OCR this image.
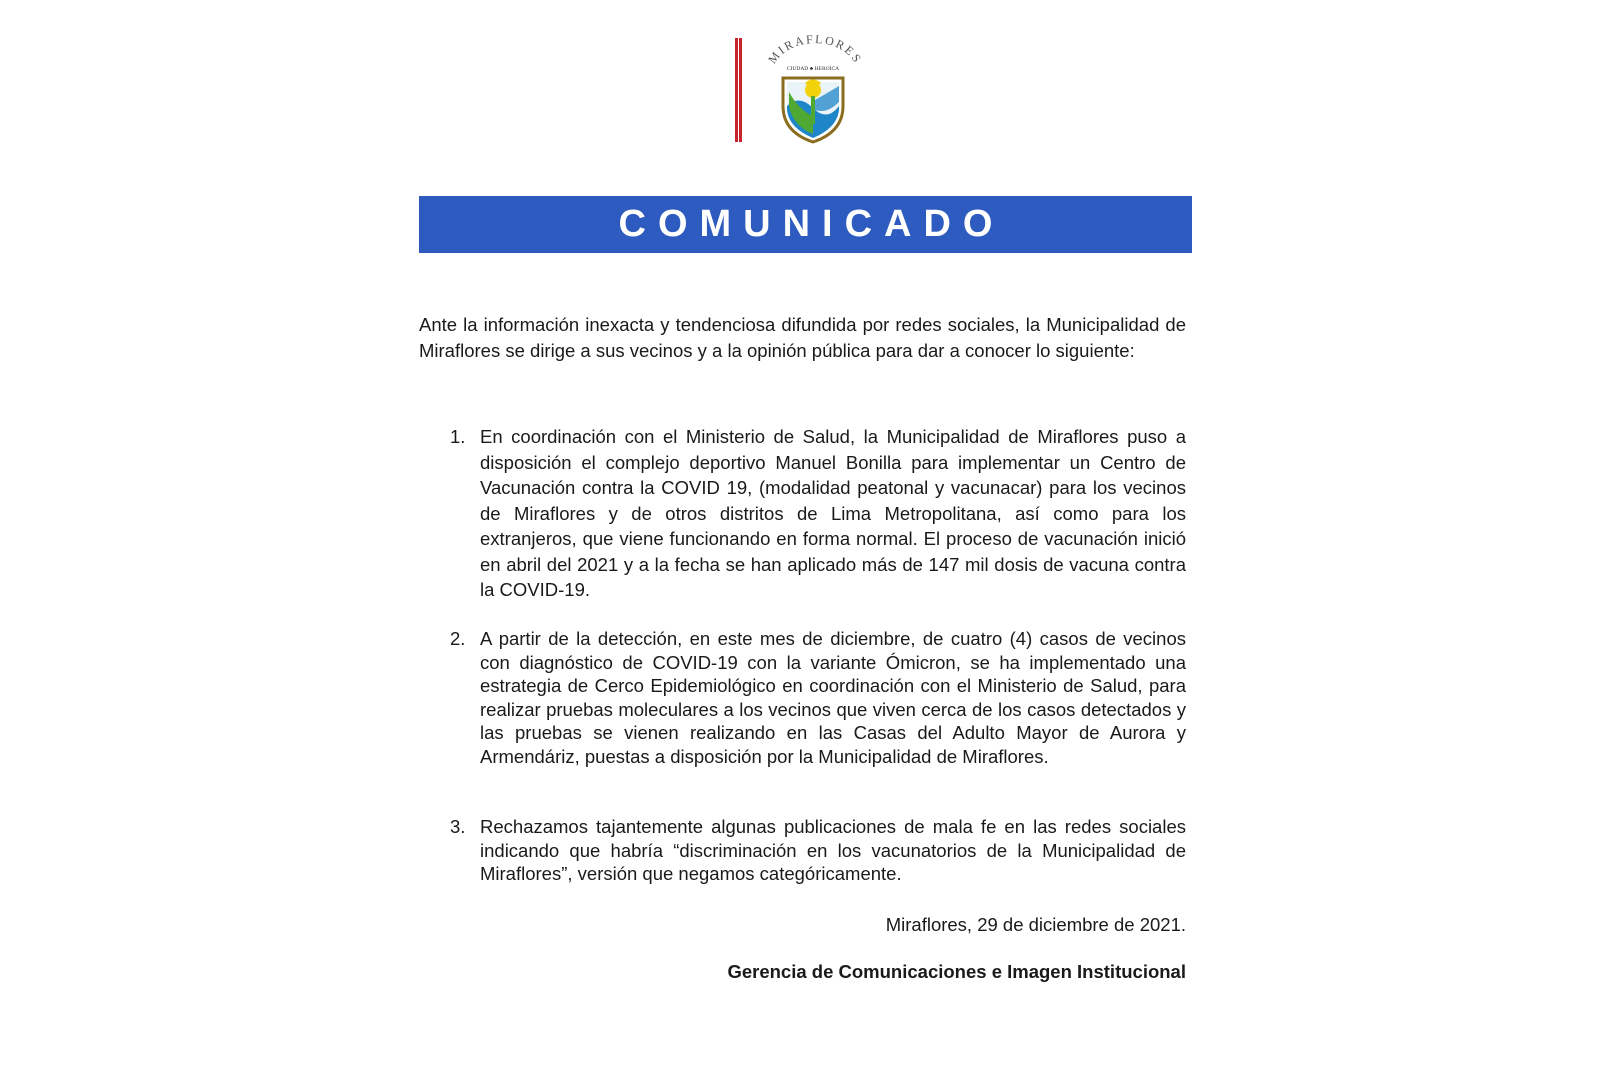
MIRAFLORES
CIUDAD ♣ HEROICA
COMUNICADO

Ante la información inexacta y tendenciosa difundida por redes sociales, la Municipalidad de Miraflores se dirige a sus vecinos y a la opinión pública para dar a conocer lo siguiente:

1. En coordinación con el Ministerio de Salud, la Municipalidad de Miraflores puso a disposición el complejo deportivo Manuel Bonilla para implementar un Centro de Vacunación contra la COVID 19, (modalidad peatonal y vacunacar) para los vecinos de Miraflores y de otros distritos de Lima Metropolitana, así como para los extranjeros, que viene funcionando en forma normal. El proceso de vacunación inició en abril del 2021 y a la fecha se han aplicado más de 147 mil dosis de vacuna contra la COVID-19.

2. A partir de la detección, en este mes de diciembre, de cuatro (4) casos de vecinos con diagnóstico de COVID-19 con la variante Ómicron, se ha implementado una estrategia de Cerco Epidemiológico en coordinación con el Ministerio de Salud, para realizar pruebas moleculares a los vecinos que viven cerca de los casos detectados y las pruebas se vienen realizando en las Casas del Adulto Mayor de Aurora y Armendáriz, puestas a disposición por la Municipalidad de Miraflores.

3. Rechazamos tajantemente algunas publicaciones de mala fe en las redes sociales indicando que habría “discriminación en los vacunatorios de la Municipalidad de Miraflores”, versión que negamos categóricamente.

Miraflores, 29 de diciembre de 2021.

Gerencia de Comunicaciones e Imagen Institucional
